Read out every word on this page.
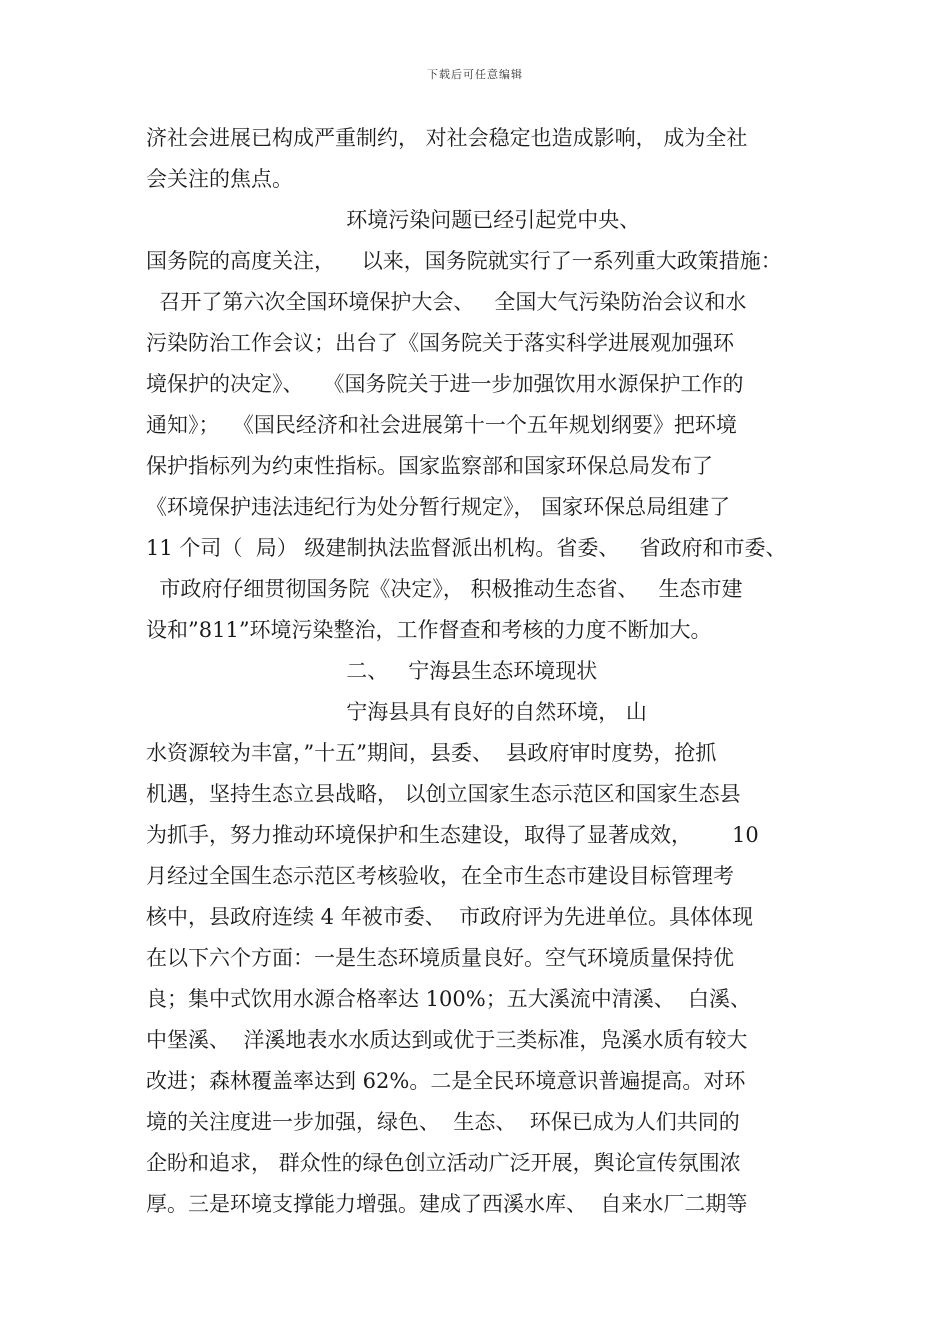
下载后可任意编辑
济社会进展已构成严重制约， 对社会稳定也造成影响， 成为全社
会关注的焦点。
环境污染问题已经引起党中央、
国务院的高度关注，    以来，国务院就实行了一系列重大政策措施：
召开了第六次全国环境保护大会、   全国大气污染防治会议和水
污染防治工作会议；出台了《国务院关于落实科学进展观加强环
境保护的决定》、   《国务院关于进一步加强饮用水源保护工作的
通知》；  《国民经济和社会进展第十一个五年规划纲要》把环境
保护指标列为约束性指标。国家监察部和国家环保总局发布了
《环境保护违法违纪行为处分暂行规定》， 国家环保总局组建了
11 个司（  局） 级建制执法监督派出机构。省委、   省政府和市委、
市政府仔细贯彻国务院《决定》， 积极推动生态省、   生态市建
设和”811”环境污染整治，工作督查和考核的力度不断加大。
二、   宁海县生态环境现状
宁海县具有良好的自然环境， 山
水资源较为丰富，”十五”期间，县委、  县政府审时度势，抢抓
机遇，坚持生态立县战略， 以创立国家生态示范区和国家生态县
为抓手，努力推动环境保护和生态建设，取得了显著成效，      10
月经过全国生态示范区考核验收，在全市生态市建设目标管理考
核中，县政府连续 4 年被市委、  市政府评为先进单位。具体体现
在以下六个方面：一是生态环境质量良好。空气环境质量保持优
良；集中式饮用水源合格率达 100%；五大溪流中清溪、  白溪、
中堡溪、  洋溪地表水水质达到或优于三类标准，凫溪水质有较大
改进；森林覆盖率达到 62%。二是全民环境意识普遍提高。对环
境的关注度进一步加强，绿色、  生态、  环保已成为人们共同的
企盼和追求， 群众性的绿色创立活动广泛开展，舆论宣传氛围浓
厚。三是环境支撑能力增强。建成了西溪水库、  自来水厂二期等
